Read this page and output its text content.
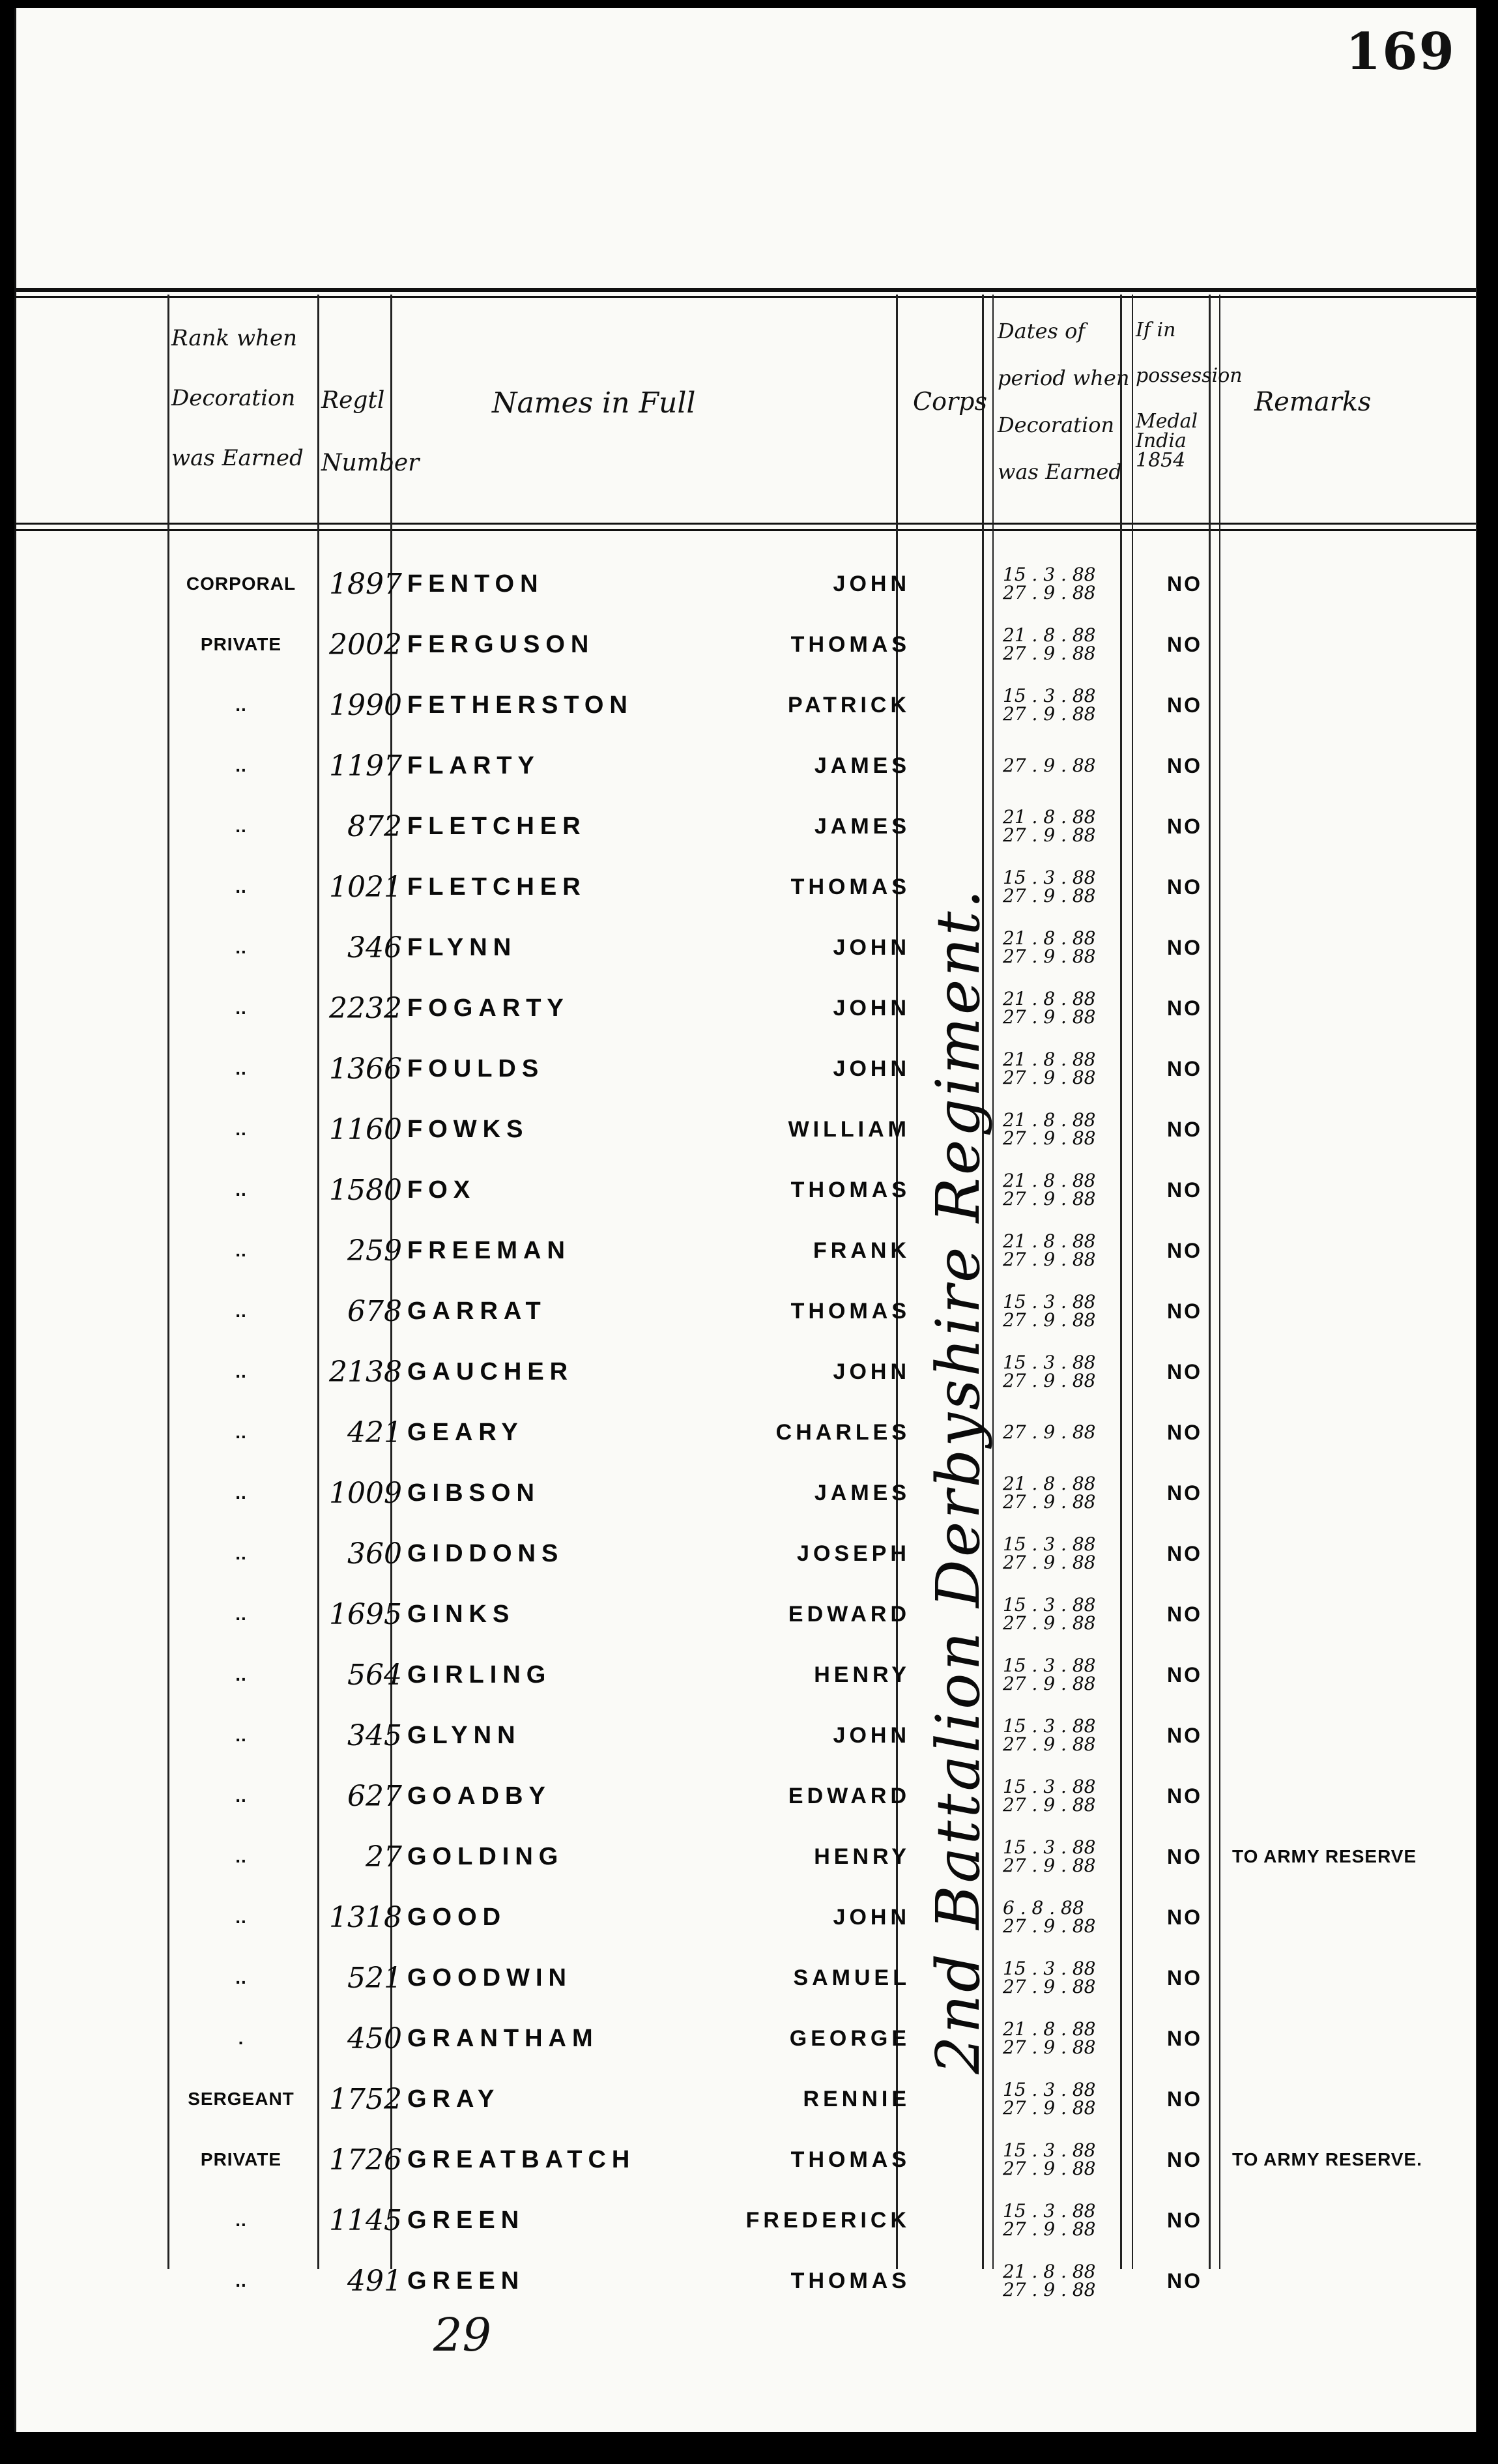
169
Rank when
Decoration
was Earned
Regtl
Number
Names in Full	Corps
Dates of
period when
Decoration
was Earned
If in
possession
Medal
India
1854
Remarks
CORPORAL	1897 FENTON	JOHN	15 . 3 . 88
27 . 9 . 88	NO
PRIVATE	2002 FERGUSON	THOMAS	21 . 8 . 88
27 . 9 . 88	NO
..	1990 FETHERSTON	PATRICK	15 . 3 . 88
27 . 9 . 88	NO
..	1197 FLARTY	JAMES	27 . 9 . 88	NO
..	872 FLETCHER	JAMES	21 . 8 . 88
27 . 9 . 88	NO
..	1021 FLETCHER	THOMAS	15 . 3 . 88
27 . 9 . 88	NO
..	346 FLYNN	JOHN	21 . 8 . 88
27 . 9 . 88	NO
..	2232 FOGARTY	JOHN	21 . 8 . 88
27 . 9 . 88	NO
..	1366 FOULDS	JOHN	21 . 8 . 88
27 . 9 . 88	NO
..	1160 FOWKS	WILLIAM	21 . 8 . 88
27 . 9 . 88	NO
..	1580 FOX	THOMAS	21 . 8 . 88
27 . 9 . 88	NO
..	259 FREEMAN	FRANK	21 . 8 . 88
27 . 9 . 88	NO
..	678 GARRAT	THOMAS	15 . 3 . 88
27 . 9 . 88	NO
..	2138 GAUCHER	JOHN	15 . 3 . 88
27 . 9 . 88	NO
..	421 GEARY	CHARLES	27 . 9 . 88	NO
..	1009 GIBSON	JAMES	21 . 8 . 88
27 . 9 . 88	NO
..	360 GIDDONS	JOSEPH	15 . 3 . 88
27 . 9 . 88	NO
..	1695 GINKS	EDWARD	15 . 3 . 88
27 . 9 . 88	NO
..	564 GIRLING	HENRY	15 . 3 . 88
27 . 9 . 88	NO
..	345 GLYNN	JOHN	15 . 3 . 88
27 . 9 . 88	NO
..	627 GOADBY	EDWARD	15 . 3 . 88
27 . 9 . 88	NO
..	27 GOLDING	HENRY	15 . 3 . 88
27 . 9 . 88	NO	TO ARMY RESERVE
..	1318 GOOD	JOHN	6 . 8 . 88
27 . 9 . 88	NO
..	521 GOODWIN	SAMUEL	15 . 3 . 88
27 . 9 . 88	NO
.	450 GRANTHAM	GEORGE	21 . 8 . 88
27 . 9 . 88	NO
SERGEANT	1752 GRAY	RENNIE	15 . 3 . 88
27 . 9 . 88	NO
PRIVATE	1726 GREATBATCH	THOMAS	15 . 3 . 88
27 . 9 . 88	NO	TO ARMY RESERVE.
..	1145 GREEN	FREDERICK	15 . 3 . 88
27 . 9 . 88	NO
..	491 GREEN	THOMAS	21 . 8 . 88
27 . 9 . 88	NO
2nd Battalion Derbyshire Regiment.
29
